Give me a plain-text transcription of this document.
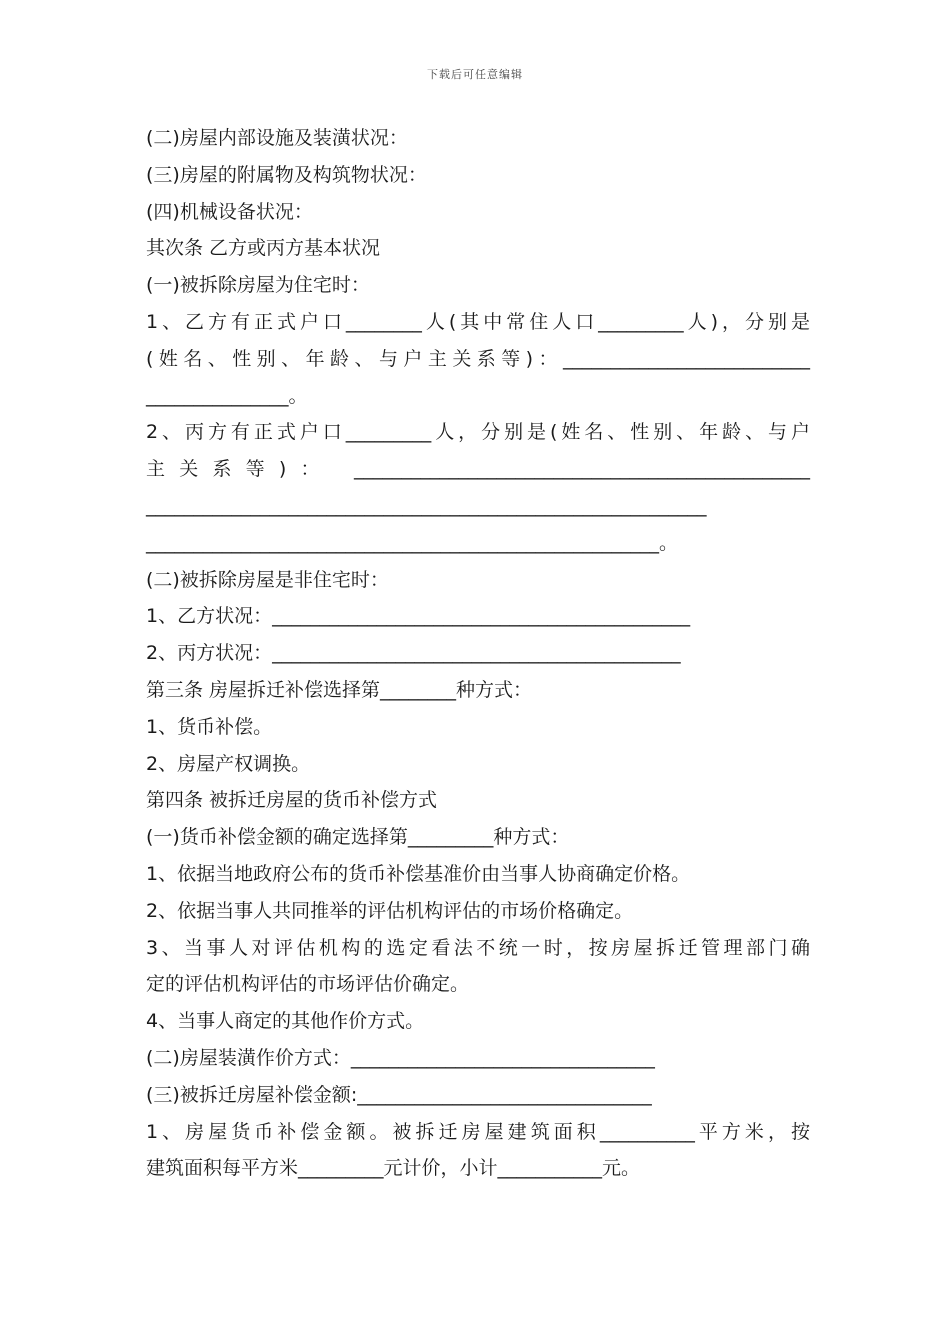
下载后可任意编辑
(二)房屋内部设施及装潢状况：
(三)房屋的附属物及构筑物状况：
(四)机械设备状况：
其次条 乙方或丙方基本状况
(一)被拆除房屋为住宅时：
1、乙方有正式户口________人(其中常住人口_________人)，分别是
(姓名、性别、年龄、与户主关系等)：__________________________
_______________。
2、丙方有正式户口_________人，分别是(姓名、性别、年龄、与户
主关系等)： ________________________________________________
___________________________________________________________
______________________________________________________。
(二)被拆除房屋是非住宅时：
1、乙方状况：____________________________________________
2、丙方状况：___________________________________________
第三条 房屋拆迁补偿选择第________种方式：
1、货币补偿。
2、房屋产权调换。
第四条 被拆迁房屋的货币补偿方式
(一)货币补偿金额的确定选择第_________种方式：
1、依据当地政府公布的货币补偿基准价由当事人协商确定价格。
2、依据当事人共同推举的评估机构评估的市场价格确定。
3、当事人对评估机构的选定看法不统一时，按房屋拆迁管理部门确
定的评估机构评估的市场评估价确定。
4、当事人商定的其他作价方式。
(二)房屋装潢作价方式：________________________________
(三)被拆迁房屋补偿金额:_______________________________
1、房屋货币补偿金额。被拆迁房屋建筑面积__________平方米，按
建筑面积每平方米_________元计价，小计___________元。
